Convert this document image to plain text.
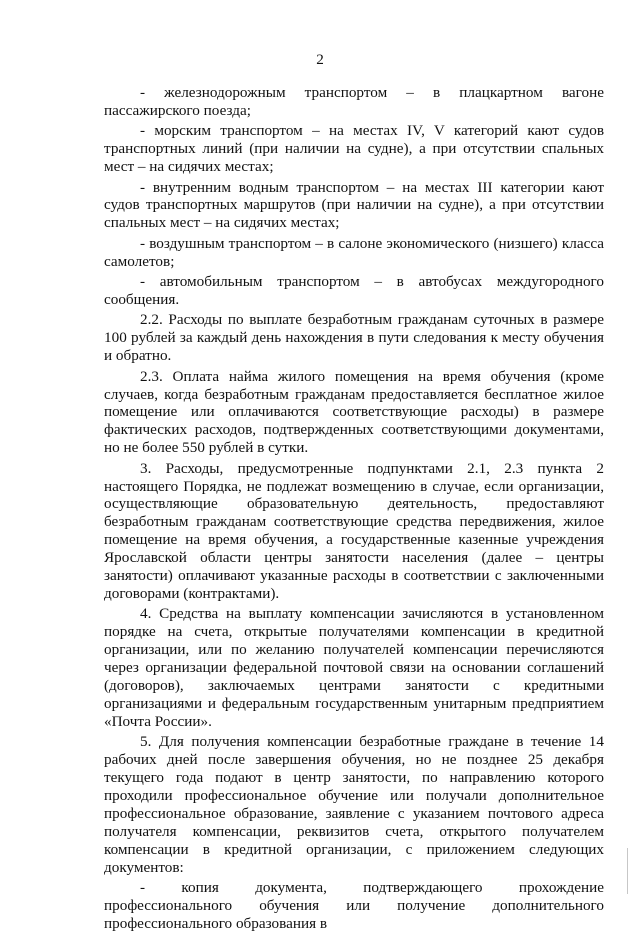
2

- железнодорожным транспортом – в плацкартном вагоне пассажирского поезда;

- морским транспортом – на местах IV, V категорий кают судов транспортных линий (при наличии на судне), а при отсутствии спальных мест – на сидячих местах;

- внутренним водным транспортом – на местах III категории кают судов транспортных маршрутов (при наличии на судне), а при отсутствии спальных мест – на сидячих местах;

- воздушным транспортом – в салоне экономического (низшего) класса самолетов;

- автомобильным транспортом – в автобусах междугородного сообщения.

2.2. Расходы по выплате безработным гражданам суточных в размере 100 рублей за каждый день нахождения в пути следования к месту обучения и обратно.

2.3. Оплата найма жилого помещения на время обучения (кроме случаев, когда безработным гражданам предоставляется бесплатное жилое помещение или оплачиваются соответствующие расходы) в размере фактических расходов, подтвержденных соответствующими документами, но не более 550 рублей в сутки.

3. Расходы, предусмотренные подпунктами 2.1, 2.3 пункта 2 настоящего Порядка, не подлежат возмещению в случае, если организации, осуществляющие образовательную деятельность, предоставляют безработным гражданам соответствующие средства передвижения, жилое помещение на время обучения, а государственные казенные учреждения Ярославской области центры занятости населения (далее – центры занятости) оплачивают указанные расходы в соответствии с заключенными договорами (контрактами).

4. Средства на выплату компенсации зачисляются в установленном порядке на счета, открытые получателями компенсации в кредитной организации, или по желанию получателей компенсации перечисляются через организации федеральной почтовой связи на основании соглашений (договоров), заключаемых центрами занятости с кредитными организациями и федеральным государственным унитарным предприятием «Почта России».

5. Для получения компенсации безработные граждане в течение 14 рабочих дней после завершения обучения, но не позднее 25 декабря текущего года подают в центр занятости, по направлению которого проходили профессиональное обучение или получали дополнительное профессиональное образование, заявление с указанием почтового адреса получателя компенсации, реквизитов счета, открытого получателем компенсации в кредитной организации, с приложением следующих документов:

- копия документа, подтверждающего прохождение профессионального обучения или получение дополнительного профессионального образования в
